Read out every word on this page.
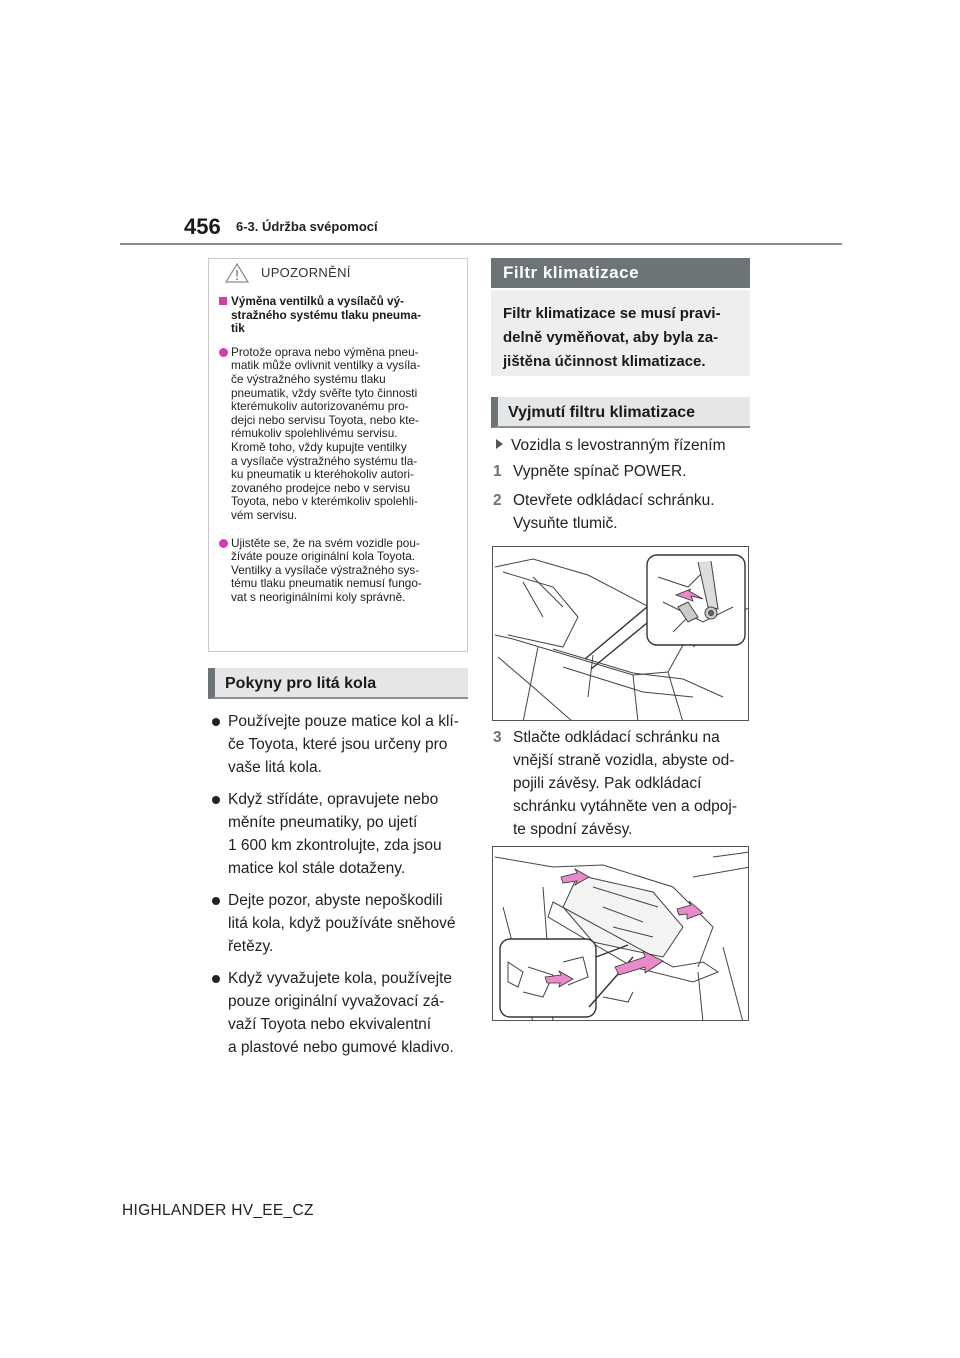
456 6-3. Údržba svépomocí
UPOZORNĚNÍ
Výměna ventilků a vysílačů vý-
stražného systému tlaku pneuma-
tik
Protože oprava nebo výměna pneu-
matik může ovlivnit ventilky a vysíla-
če výstražného systému tlaku
pneumatik, vždy svěřte tyto činnosti
kterémukoliv autorizovanému pro-
dejci nebo servisu Toyota, nebo kte-
rémukoliv spolehlivému servisu.
Kromě toho, vždy kupujte ventilky
a vysílače výstražného systému tla-
ku pneumatik u kteréhokoliv autori-
zovaného prodejce nebo v servisu
Toyota, nebo v kterémkoliv spolehli-
vém servisu.
Ujistěte se, že na svém vozidle pou-
žíváte pouze originální kola Toyota.
Ventilky a vysílače výstražného sys-
tému tlaku pneumatik nemusí fungo-
vat s neoriginálními koly správně.
Pokyny pro litá kola
Používejte pouze matice kol a klí-
če Toyota, které jsou určeny pro
vaše litá kola.
Když střídáte, opravujete nebo
měníte pneumatiky, po ujetí
1 600 km zkontrolujte, zda jsou
matice kol stále dotaženy.
Dejte pozor, abyste nepoškodili
litá kola, když používáte sněhové
řetězy.
Když vyvažujete kola, používejte
pouze originální vyvažovací zá-
važí Toyota nebo ekvivalentní
a plastové nebo gumové kladivo.
Filtr klimatizace
Filtr klimatizace se musí pravi-
delně vyměňovat, aby byla za-
jištěna účinnost klimatizace.
Vyjmutí filtru klimatizace
Vozidla s levostranným řízením
1 Vypněte spínač POWER.
2 Otevřete odkládací schránku.
Vysuňte tlumič.
3 Stlačte odkládací schránku na
vnější straně vozidla, abyste od-
pojili závěsy. Pak odkládací
schránku vytáhněte ven a odpoj-
te spodní závěsy.
HIGHLANDER HV_EE_CZ
